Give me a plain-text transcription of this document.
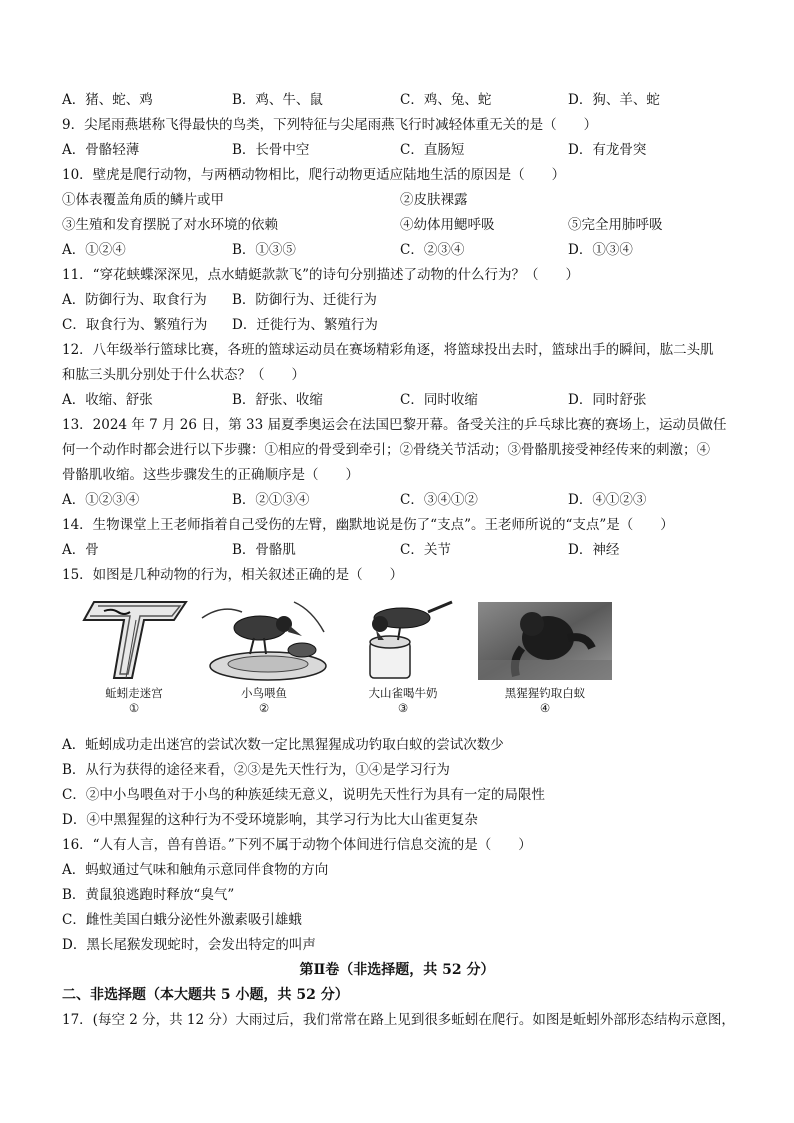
A．猪、蛇、鸡	B．鸡、牛、鼠	C．鸡、兔、蛇	D．狗、羊、蛇
9．尖尾雨燕堪称飞得最快的鸟类，下列特征与尖尾雨燕飞行时减轻体重无关的是（　　）
A．骨骼轻薄	B．长骨中空	C．直肠短	D．有龙骨突
10．壁虎是爬行动物，与两栖动物相比，爬行动物更适应陆地生活的原因是（　　）
①体表覆盖角质的鳞片或甲	②皮肤裸露
③生殖和发育摆脱了对水环境的依赖	④幼体用鳃呼吸	⑤完全用肺呼吸
A．①②④	B．①③⑤	C．②③④	D．①③④
11．“穿花蛱蝶深深见，点水蜻蜓款款飞”的诗句分别描述了动物的什么行为？（　　）
A．防御行为、取食行为 B．防御行为、迁徙行为
C．取食行为、繁殖行为 D．迁徙行为、繁殖行为
12．八年级举行篮球比赛，各班的篮球运动员在赛场精彩角逐，将篮球投出去时，篮球出手的瞬间，肱二头肌
和肱三头肌分别处于什么状态？（　　）
A．收缩、舒张	B．舒张、收缩	C．同时收缩	D．同时舒张
13．2024 年 7 月 26 日，第 33 届夏季奥运会在法国巴黎开幕。备受关注的乒乓球比赛的赛场上，运动员做任
何一个动作时都会进行以下步骤：①相应的骨受到牵引；②骨绕关节活动；③骨骼肌接受神经传来的刺激；④
骨骼肌收缩。这些步骤发生的正确顺序是（　　）
A．①②③④	B．②①③④	C．③④①②	D．④①②③
14．生物课堂上王老师指着自己受伤的左臂，幽默地说是伤了“支点”。王老师所说的“支点”是（　　）
A．骨	B．骨骼肌	C．关节	D．神经
15．如图是几种动物的行为，相关叙述正确的是（　　）
蚯蚓走迷宫
①
小鸟喂鱼
②
大山雀喝牛奶
③
黑猩猩钓取白蚁
④
A．蚯蚓成功走出迷宫的尝试次数一定比黑猩猩成功钓取白蚁的尝试次数少
B．从行为获得的途径来看，②③是先天性行为，①④是学习行为
C．②中小鸟喂鱼对于小鸟的种族延续无意义，说明先天性行为具有一定的局限性
D．④中黑猩猩的这种行为不受环境影响，其学习行为比大山雀更复杂
16．“人有人言，兽有兽语。”下列不属于动物个体间进行信息交流的是（　　）
A．蚂蚁通过气味和触角示意同伴食物的方向
B．黄鼠狼逃跑时释放“臭气”
C．雌性美国白蛾分泌性外激素吸引雄蛾
D．黑长尾猴发现蛇时，会发出特定的叫声
第Ⅱ卷（非选择题，共 52 分）
二、非选择题（本大题共 5 小题，共 52 分）
17．(每空 2 分，共 12 分）大雨过后，我们常常在路上见到很多蚯蚓在爬行。如图是蚯蚓外部形态结构示意图，
